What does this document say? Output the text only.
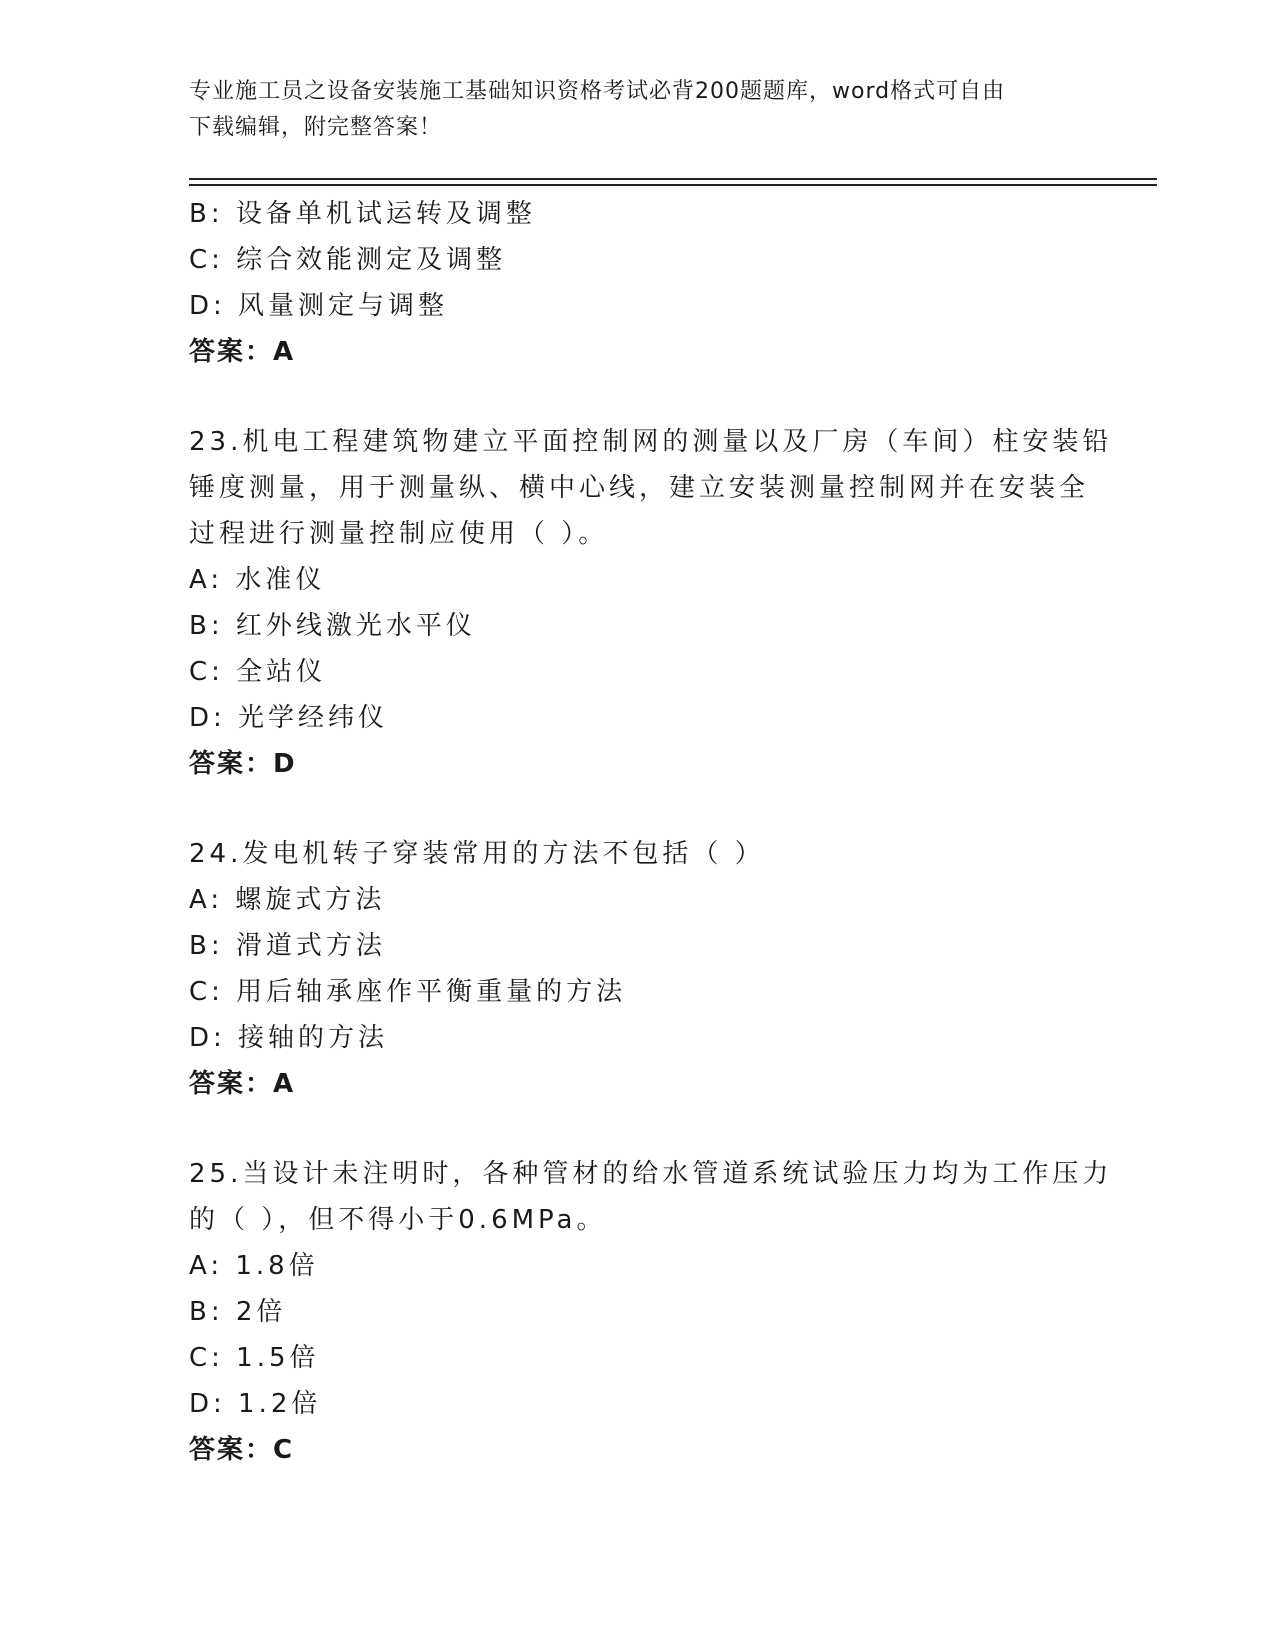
专业施工员之设备安装施工基础知识资格考试必背200题题库，word格式可自由
下载编辑，附完整答案！
B: 设备单机试运转及调整
C: 综合效能测定及调整
D: 风量测定与调整
答案：A
23.机电工程建筑物建立平面控制网的测量以及厂房（车间）柱安装铅
锤度测量，用于测量纵、横中心线，建立安装测量控制网并在安装全
过程进行测量控制应使用（ ）。
A: 水准仪
B: 红外线激光水平仪
C: 全站仪
D: 光学经纬仪
答案：D
24.发电机转子穿装常用的方法不包括（ ）
A: 螺旋式方法
B: 滑道式方法
C: 用后轴承座作平衡重量的方法
D: 接轴的方法
答案：A
25.当设计未注明时，各种管材的给水管道系统试验压力均为工作压力
的（ ），但不得小于0.6MPa。
A: 1.8倍
B: 2倍
C: 1.5倍
D: 1.2倍
答案：C
